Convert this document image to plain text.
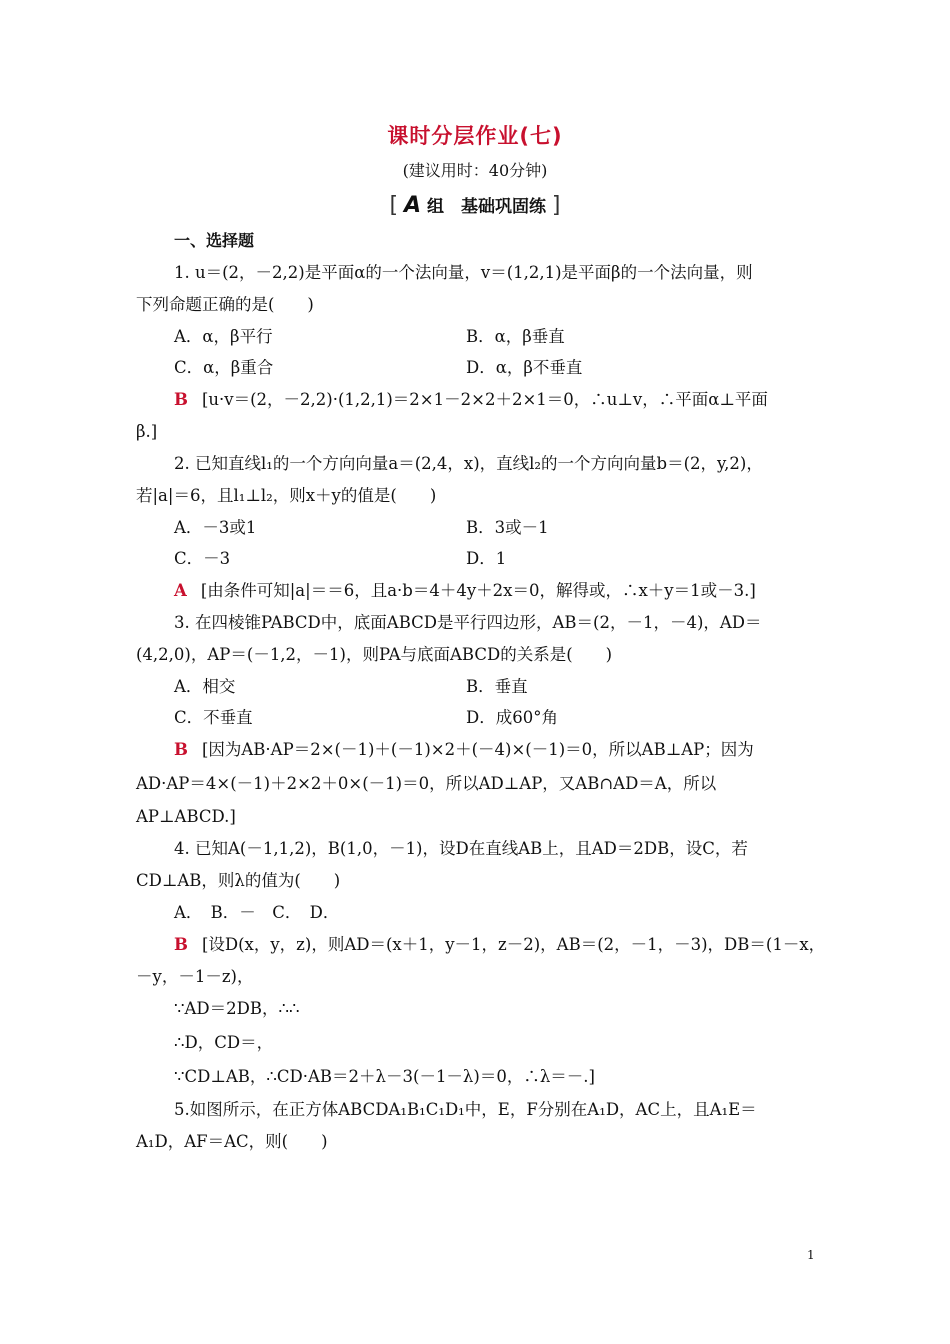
课时分层作业(七)
(建议用时：40分钟)
[ A 组　基础巩固练 ]
一、选择题
1. u＝(2，－2,2)是平面α的一个法向量，v＝(1,2,1)是平面β的一个法向量，则
下列命题正确的是(　　)
A．α，β平行	B．α，β垂直
C．α，β重合	D．α，β不垂直
B [u·v＝(2，－2,2)·(1,2,1)＝2×1－2×2＋2×1＝0，∴u⊥v，∴平面α⊥平面
β.]
2. 已知直线l₁的一个方向向量a＝(2,4，x)，直线l₂的一个方向向量b＝(2，y,2)，
若|a|＝6，且l₁⊥l₂，则x＋y的值是(　　)
A．－3或1	B．3或－1
C．－3	D．1
A [由条件可知|a|＝＝6，且a·b＝4＋4y＋2x＝0，解得或，∴x＋y＝1或－3.]
3. 在四棱锥PABCD中，底面ABCD是平行四边形，AB＝(2，－1，－4)，AD＝
(4,2,0)，AP＝(－1,2，－1)，则PA与底面ABCD的关系是(　　)
A．相交	B．垂直
C．不垂直	D．成60°角
B [因为AB·AP＝2×(－1)＋(－1)×2＋(－4)×(－1)＝0，所以AB⊥AP；因为
AD·AP＝4×(－1)＋2×2＋0×(－1)＝0，所以AD⊥AP，又AB∩AD＝A，所以
AP⊥ABCD.]
4. 已知A(－1,1,2)，B(1,0，－1)，设D在直线AB上，且AD＝2DB，设C，若
CD⊥AB，则λ的值为(　　)
A．　B．－　C．　D．
B [设D(x，y，z)，则AD＝(x＋1，y－1，z－2)，AB＝(2，－1，－3)，DB＝(1－x，
－y，－1－z)，
∵AD＝2DB，∴∴
∴D，CD＝，
∵CD⊥AB，∴CD·AB＝2＋λ－3(－1－λ)＝0，∴λ＝－.]
5.如图所示，在正方体ABCDA₁B₁C₁D₁中，E，F分别在A₁D，AC上，且A₁E＝
A₁D，AF＝AC，则(　　)
1
